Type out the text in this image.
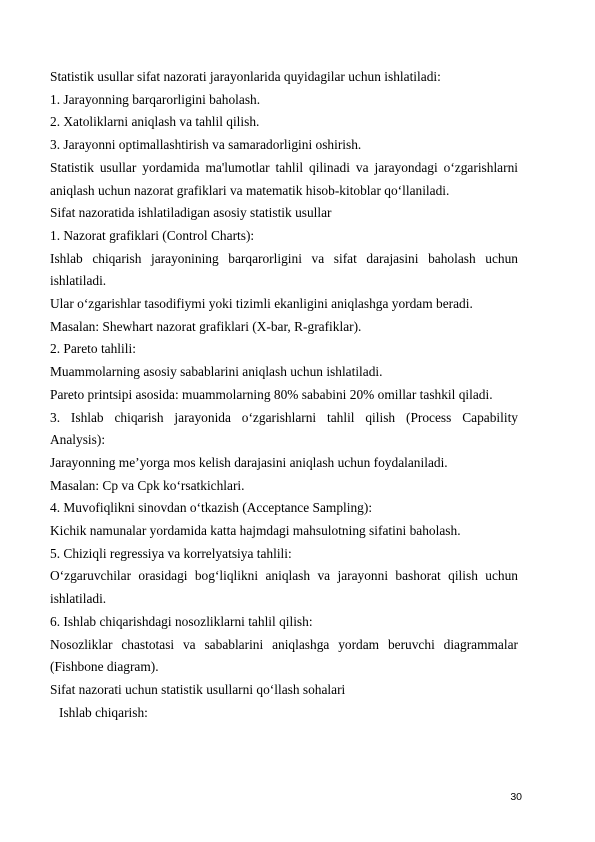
Statistik usullar sifat nazorati jarayonlarida quyidagilar uchun ishlatiladi:
1. Jarayonning barqarorligini baholash.
2. Xatoliklarni aniqlash va tahlil qilish.
3. Jarayonni optimallashtirish va samaradorligini oshirish.
Statistik usullar yordamida ma'lumotlar tahlil qilinadi va jarayondagi o‘zgarishlarni
aniqlash uchun nazorat grafiklari va matematik hisob-kitoblar qo‘llaniladi.
Sifat nazoratida ishlatiladigan asosiy statistik usullar
1. Nazorat grafiklari (Control Charts):
Ishlab chiqarish jarayonining barqarorligini va sifat darajasini baholash uchun
ishlatiladi.
Ular o‘zgarishlar tasodifiymi yoki tizimli ekanligini aniqlashga yordam beradi.
Masalan: Shewhart nazorat grafiklari (X-bar, R-grafiklar).
2. Pareto tahlili:
Muammolarning asosiy sabablarini aniqlash uchun ishlatiladi.
Pareto printsipi asosida: muammolarning 80% sababini 20% omillar tashkil qiladi.
3. Ishlab chiqarish jarayonida o‘zgarishlarni tahlil qilish (Process Capability
Analysis):
Jarayonning me’yorga mos kelish darajasini aniqlash uchun foydalaniladi.
Masalan: Cp va Cpk ko‘rsatkichlari.
4. Muvofiqlikni sinovdan o‘tkazish (Acceptance Sampling):
Kichik namunalar yordamida katta hajmdagi mahsulotning sifatini baholash.
5. Chiziqli regressiya va korrelyatsiya tahlili:
O‘zgaruvchilar orasidagi bog‘liqlikni aniqlash va jarayonni bashorat qilish uchun
ishlatiladi.
6. Ishlab chiqarishdagi nosozliklarni tahlil qilish:
Nosozliklar chastotasi va sabablarini aniqlashga yordam beruvchi diagrammalar
(Fishbone diagram).
Sifat nazorati uchun statistik usullarni qo‘llash sohalari
Ishlab chiqarish:
30
